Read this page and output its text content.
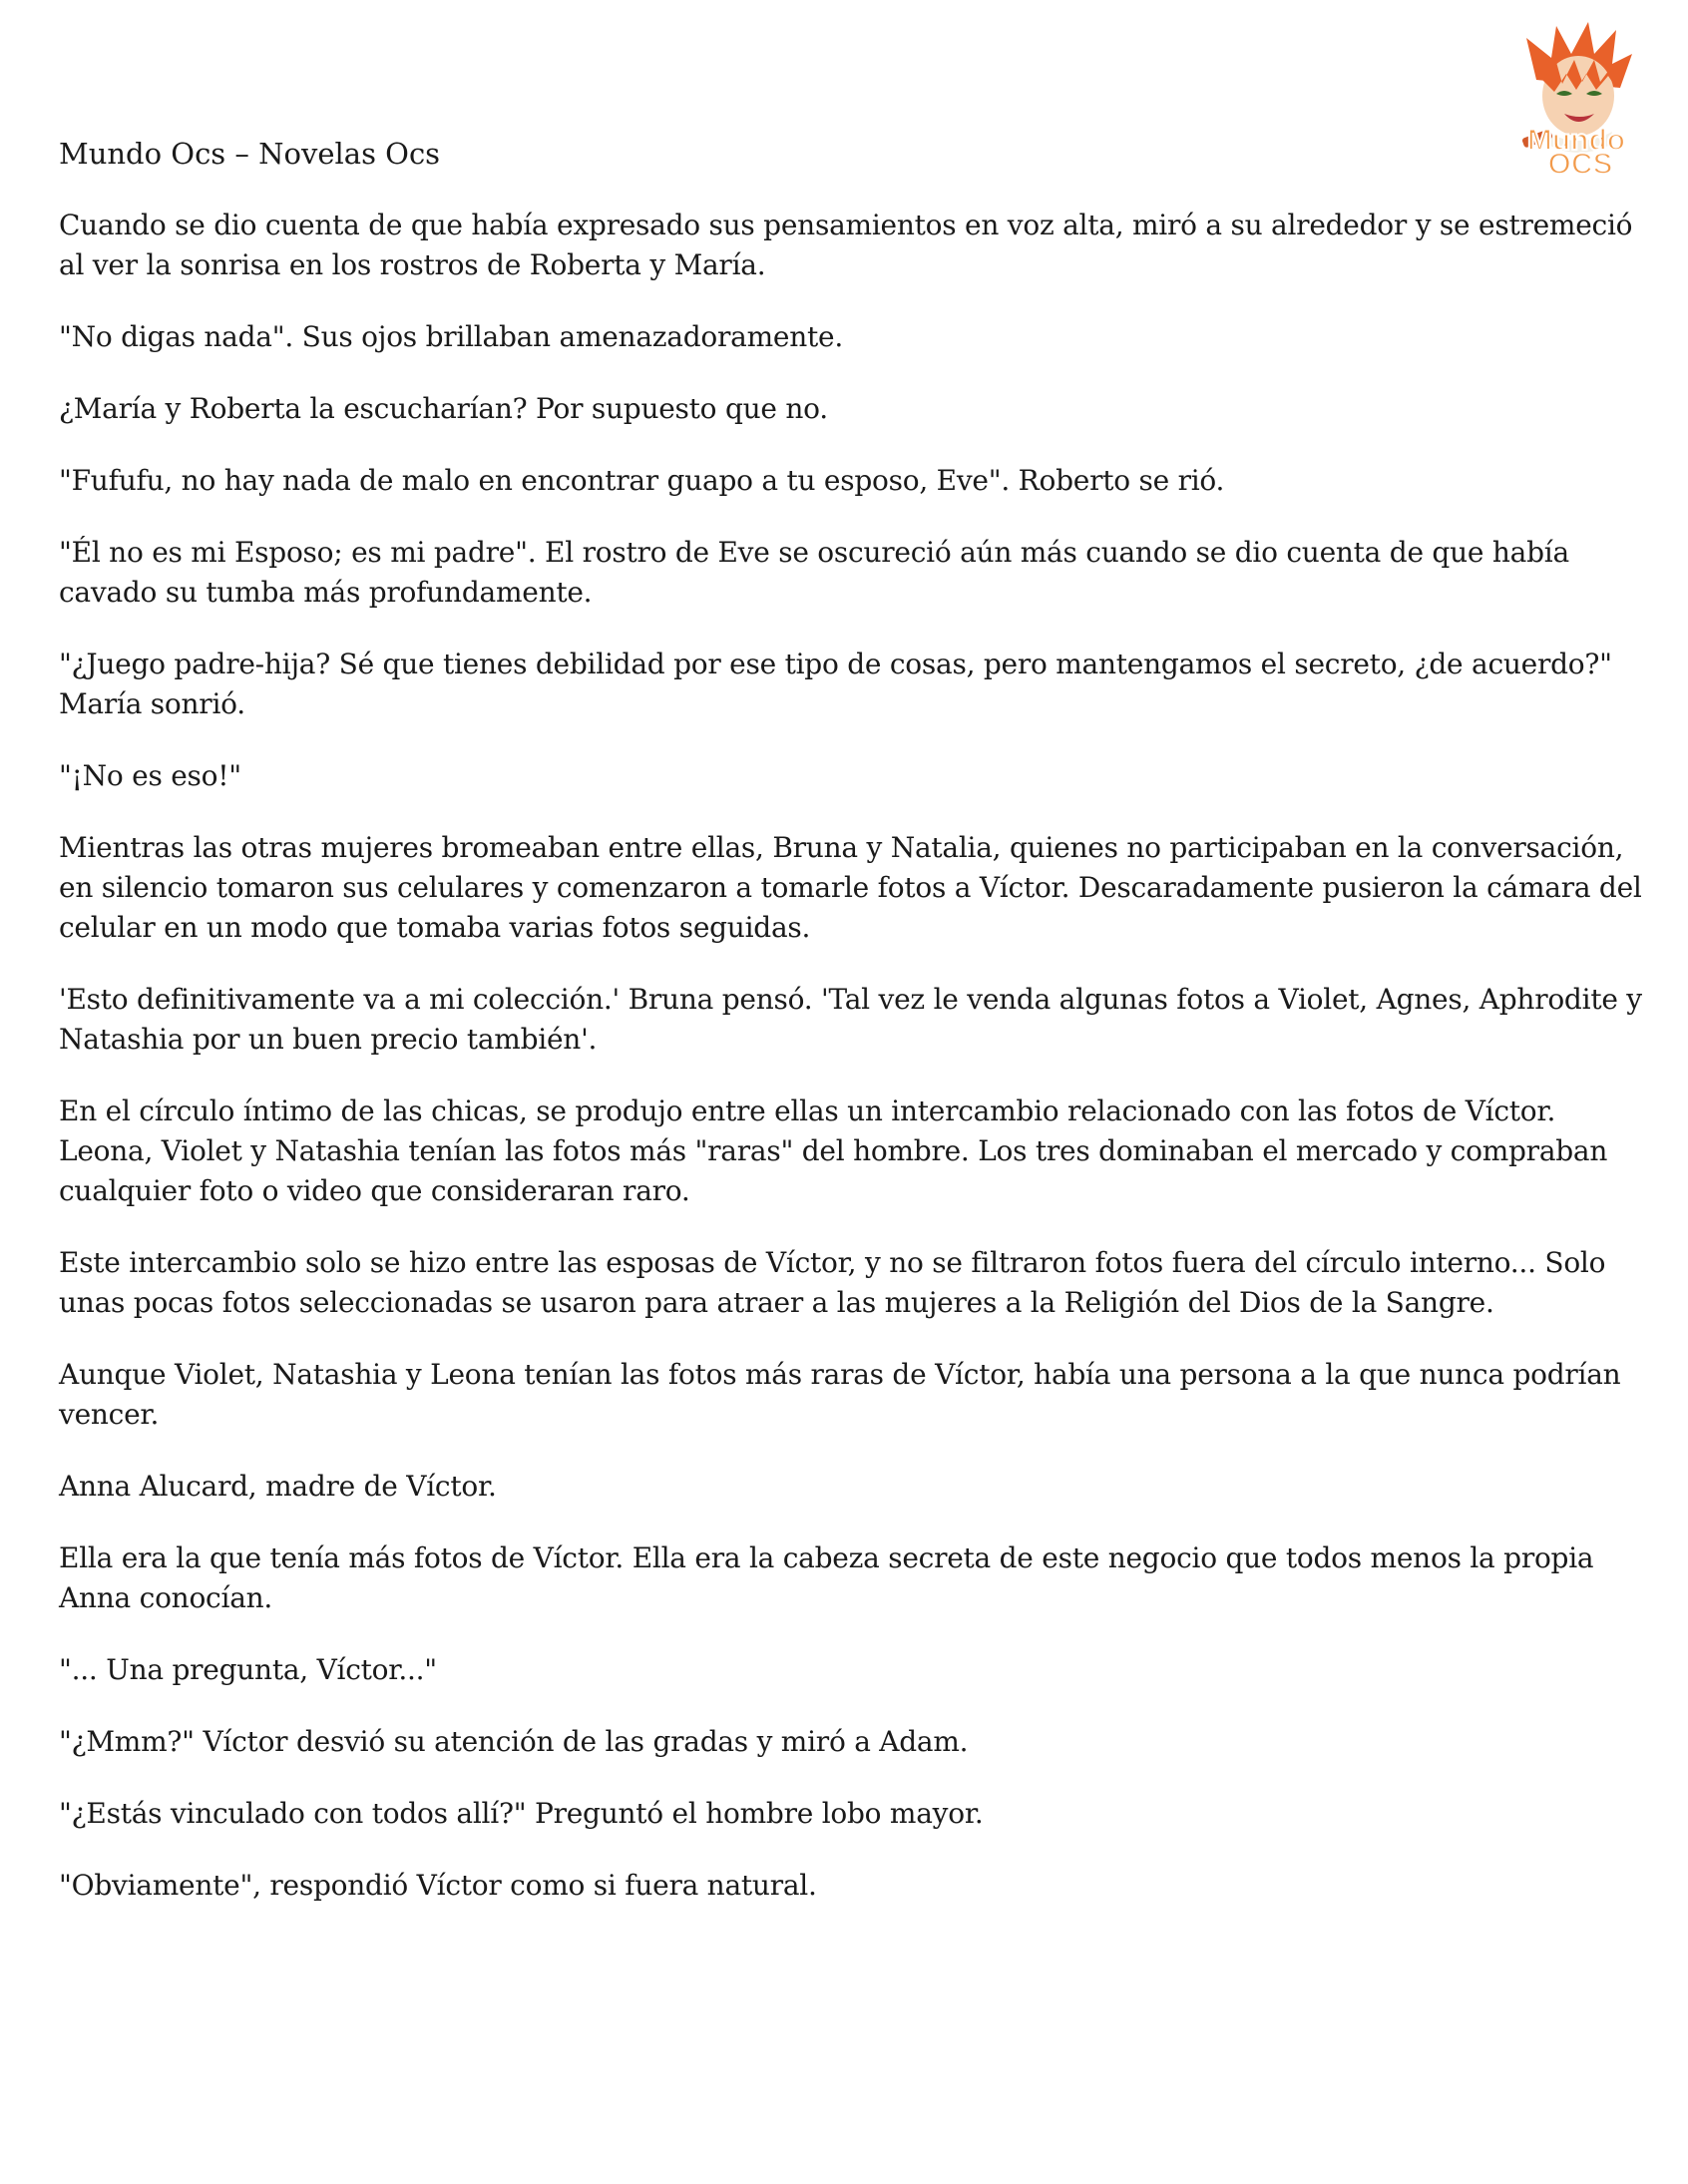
Mundo Ocs – Novelas Ocs	Mundo
OCS

Cuando se dio cuenta de que había expresado sus pensamientos en voz alta, miró a su alrededor y se estremeció al ver la sonrisa en los rostros de Roberta y María.

"No digas nada". Sus ojos brillaban amenazadoramente.

¿María y Roberta la escucharían? Por supuesto que no.

"Fufufu, no hay nada de malo en encontrar guapo a tu esposo, Eve". Roberto se rió.

"Él no es mi Esposo; es mi padre". El rostro de Eve se oscureció aún más cuando se dio cuenta de que había cavado su tumba más profundamente.

"¿Juego padre-hija? Sé que tienes debilidad por ese tipo de cosas, pero mantengamos el secreto, ¿de acuerdo?" María sonrió.

"¡No es eso!"

Mientras las otras mujeres bromeaban entre ellas, Bruna y Natalia, quienes no participaban en la conversación, en silencio tomaron sus celulares y comenzaron a tomarle fotos a Víctor. Descaradamente pusieron la cámara del celular en un modo que tomaba varias fotos seguidas.

'Esto definitivamente va a mi colección.' Bruna pensó. 'Tal vez le venda algunas fotos a Violet, Agnes, Aphrodite y Natashia por un buen precio también'.

En el círculo íntimo de las chicas, se produjo entre ellas un intercambio relacionado con las fotos de Víctor. Leona, Violet y Natashia tenían las fotos más "raras" del hombre. Los tres dominaban el mercado y compraban cualquier foto o video que consideraran raro.

Este intercambio solo se hizo entre las esposas de Víctor, y no se filtraron fotos fuera del círculo interno... Solo unas pocas fotos seleccionadas se usaron para atraer a las mujeres a la Religión del Dios de la Sangre.

Aunque Violet, Natashia y Leona tenían las fotos más raras de Víctor, había una persona a la que nunca podrían vencer.

Anna Alucard, madre de Víctor.

Ella era la que tenía más fotos de Víctor. Ella era la cabeza secreta de este negocio que todos menos la propia Anna conocían.

"... Una pregunta, Víctor..."

"¿Mmm?" Víctor desvió su atención de las gradas y miró a Adam.

"¿Estás vinculado con todos allí?" Preguntó el hombre lobo mayor.

"Obviamente", respondió Víctor como si fuera natural.
